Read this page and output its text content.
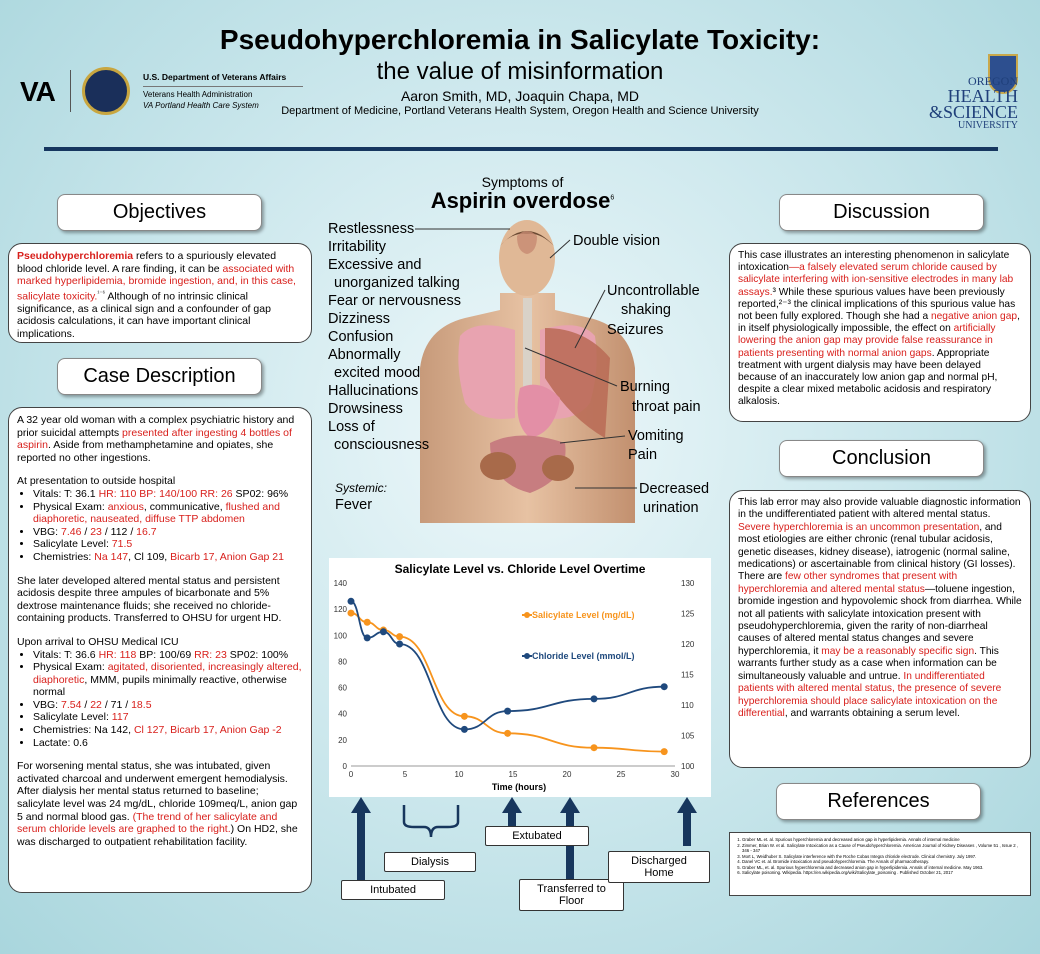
Pseudohyperchloremia in Salicylate Toxicity:
the value of misinformation
Aaron Smith, MD, Joaquin Chapa, MD
Department of Medicine, Portland Veterans Health System, Oregon Health and Science University
VA	U.S. Department of Veterans Affairs
Veterans Health Administration
VA Portland Health Care System
OREGON
HEALTH
&SCIENCE
UNIVERSITY
Objectives
Pseudohyperchloremia refers to a spuriously elevated blood chloride level. A rare finding, it can be associated with marked hyperlipidemia, bromide ingestion, and, in this case, salicylate toxicity.$^{^{1-6}}$ Although of no intrinsic clinical significance, as a clinical sign and a confounder of gap acidosis calculations, it can have important clinical implications.
Case Description

A 32 year old woman with a complex psychiatric history and prior suicidal attempts presented after ingesting 4 bottles of aspirin. Aside from methamphetamine and opiates, she reported no other ingestions.

At presentation to outside hospital
• Vitals: T: 36.1 HR: 110 BP: 140/100 RR: 26 SP02: 96%
• Physical Exam: anxious, communicative, flushed and diaphoretic, nauseated, diffuse TTP abdomen
• VBG: 7.46 / 23 / 112 / 16.7
• Salicylate Level: 71.5
• Chemistries: Na 147, Cl 109, Bicarb 17, Anion Gap 21

She later developed altered mental status and persistent acidosis despite three ampules of bicarbonate and 5% dextrose maintenance fluids; she received no chloride-containing products. Transferred to OHSU for urgent HD.

Upon arrival to OHSU Medical ICU
• Vitals: T: 36.6 HR: 118 BP: 100/69 RR: 23 SP02: 100%
• Physical Exam: agitated, disoriented, increasingly altered, diaphoretic, MMM, pupils minimally reactive, otherwise normal
• VBG: 7.54 / 22 / 71 / 18.5
• Salicylate Level: 117
• Chemistries: Na 142, Cl 127, Bicarb 17, Anion Gap -2
• Lactate: 0.6

For worsening mental status, she was intubated, given activated charcoal and underwent emergent hemodialysis. After dialysis her mental status returned to baseline; salicylate level was 24 mg/dL, chloride 109meq/L, anion gap 5 and normal blood gas. (The trend of her salicylate and serum chloride levels are graphed to the right.) On HD2, she was discharged to outpatient rehabilitation facility.

Symptoms of
Aspirin overdose$^6$
Restlessness
Irritability
Excessive and
unorganized talking
Fear or nervousness
Dizziness
Confusion
Abnormally
excited mood
Hallucinations
Drowsiness
Loss of
consciousness
Double vision
Uncontrollable
shaking
Seizures
Burning
throat pain
Vomiting
Pain
Decreased
urination
Systemic:
Fever
Salicylate Level vs. Chloride Level Overtime
0
20
40
60
80
100
120
140
100
105
110
115
120
125
130
0	5	10	15	20	25	30
Time (hours)
Salicylate Level (mg/dL)
Chloride Level (mmol/L)
Intubated
Dialysis
Extubated
Transferred to Floor
Discharged Home
Discussion
This case illustrates an interesting phenomenon in salicylate intoxication—a falsely elevated serum chloride caused by salicylate interfering with ion-sensitive electrodes in many lab assays.³ While these spurious values have been previously reported,²⁻³ the clinical implications of this spurious value has not been fully explored. Though she had a negative anion gap, in itself physiologically impossible, the effect on artificially lowering the anion gap may provide false reassurance in patients presenting with normal anion gaps. Appropriate treatment with urgent dialysis may have been delayed because of an inaccurately low anion gap and normal pH, despite a clear mixed metabolic acidosis and respiratory alkalosis.
Conclusion
This lab error may also provide valuable diagnostic information in the undifferentiated patient with altered mental status. Severe hyperchloremia is an uncommon presentation, and most etiologies are either chronic (renal tubular acidosis, genetic diseases, kidney disease), iatrogenic (normal saline, medications) or ascertainable from clinical history (GI losses). There are few other syndromes that present with hyperchloremia and altered mental status—toluene ingestion, bromide ingestion and hypovolemic shock from diarrhea. While not all patients with salicylate intoxication present with pseudohyperchloremia, given the rarity of non-diarrheal causes of altered mental status changes and severe hyperchloremia, it may be a reasonably specific sign. This warrants further study as a case when information can be simultaneously valuable and untrue. In undifferentiated patients with altered mental status, the presence of severe hyperchloremia should place salicylate intoxication on the differential, and warrants obtaining a serum level.
References
1. Graber ML et. al. Spurious hyperchloremia and decreased anion gap in hyperlipidemia. Annals of internal medicine
2. Zimmer, Brian W. et al. Salicylate Intoxication as a Cause of Pseudohyperchloremia. American Journal of Kidney Diseases , Volume 51 , Issue 2 , 346 - 347
3. Mort L, Weidhuber S. Salicylate interference with the Roche Cobas Integra chloride electrode. Clinical chemistry. July 1997.
4. Danel VC et. al. Bromide intoxication and pseudohyperchloremia. The Annals of pharmacotherapy.
5. Graber ML, et. al. Spurious hyperchloremia and decreased anion gap in hyperlipidemia. Annals of internal medicine. May 1963.
6. Salicylate poisoning. Wikipedia. https://en.wikipedia.org/wiki/Salicylate_poisoning . Published October 21, 2017
